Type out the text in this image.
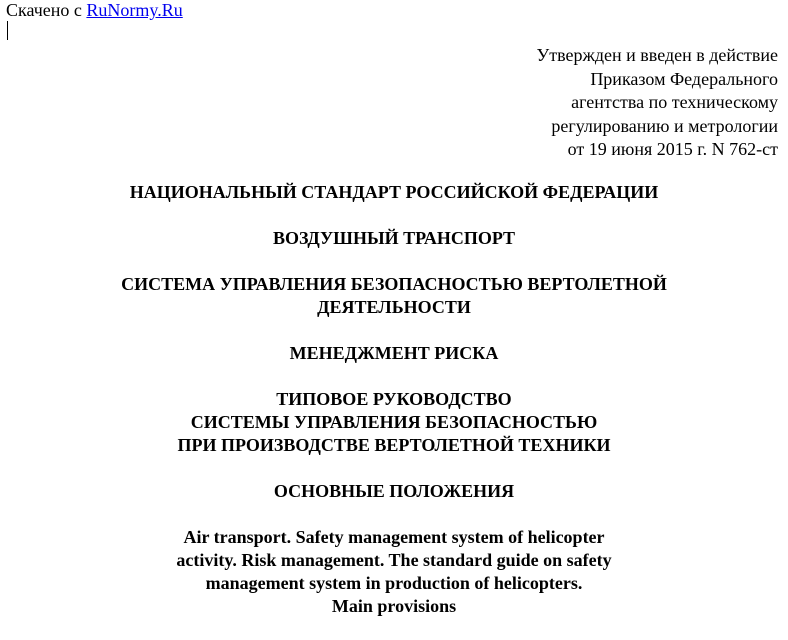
Скачено с RuNormy.Ru
Утвержден и введен в действие
Приказом Федерального
агентства по техническому
регулированию и метрологии
от 19 июня 2015 г. N 762-ст
НАЦИОНАЛЬНЫЙ СТАНДАРТ РОССИЙСКОЙ ФЕДЕРАЦИИ
ВОЗДУШНЫЙ ТРАНСПОРТ
СИСТЕМА УПРАВЛЕНИЯ БЕЗОПАСНОСТЬЮ ВЕРТОЛЕТНОЙ
ДЕЯТЕЛЬНОСТИ
МЕНЕДЖМЕНТ РИСКА
ТИПОВОЕ РУКОВОДСТВО
СИСТЕМЫ УПРАВЛЕНИЯ БЕЗОПАСНОСТЬЮ
ПРИ ПРОИЗВОДСТВЕ ВЕРТОЛЕТНОЙ ТЕХНИКИ
ОСНОВНЫЕ ПОЛОЖЕНИЯ
Air transport. Safety management system of helicopter
activity. Risk management. The standard guide on safety
management system in production of helicopters.
Main provisions
